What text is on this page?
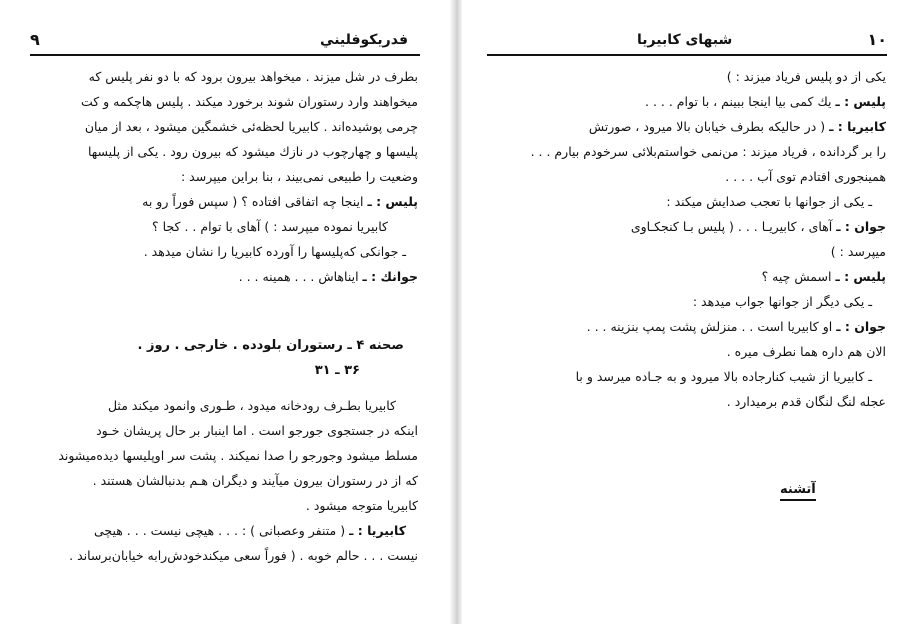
فدريكوفليني
۹
بطرف در شل میزند . میخواهد بیرون برود که با دو نفر پلیس که
میخواهند وارد رستوران شوند برخورد میکند . پلیس هاچکمه و کت
چرمی پوشیده‌اند . کابیریا لحظه‌ئی خشمگین میشود ، بعد از میان
پلیسها و چهارچوب در نازك میشود که بیرون رود . یکی از پلیسها
وضعیت را طبیعی نمی‌بیند ، بنا براین میپرسد :
پلیس : ـ اینجا چه اتفاقی افتاده ؟ ( سپس فوراً رو به
کابیریا نموده میپرسد : ) آهای با توام . . کجا ؟
ـ جوانکی که‌پلیسها را آورده کابیریا را نشان میدهد .
جوانك : ـ ایناهاش . . . همینه . . .
صحنه ۴ ـ رستوران بلودده . خارجی . روز .
۳۶ ـ ۳۱
کابیریا بطـرف رودخانه میدود ، طـوری وانمود میکند مثل
اینکه در جستجوی جورجو است . اما اینبار بر حال پریشان خـود
مسلط میشود وجورجو را صدا نمیکند . پشت سر اوپلیسها دیده‌میشوند
که از در رستوران بیرون میآیند و دیگران هـم بدنبالشان هستند .
کابیریا متوجه میشود .
کابیریا : ـ ( متنفر وعصبانی ) : . . . هیچی نیست . . . هیچی
نیست . . . حالم خوبه . ( فوراً سعی میکندخودش‌رابه خیابان‌برساند .
شبهای کابیریا	۱۰
یکی از دو پلیس فریاد میزند : )
پلیس : ـ یك کمی بیا اینجا ببینم ، با توام . . . .
کابیریا : ـ ( در حالیکه بطرف خیابان بالا میرود ، صورتش
را بر گردانده ، فریاد میزند : من‌نمی خواستم‌بلائی سرخودم بیارم . . .
همینجوری افتادم توی آب . . . .
ـ یکی از جوانها با تعجب صدایش میکند :
جوان : ـ آهای ، کابیریـا . . . ( پلیس بـا کنجکـاوی
میپرسد : )
پلیس : ـ اسمش چیه ؟
ـ یکی دیگر از جوانها جواب میدهد :
جوان : ـ او کابیریا است . . منزلش پشت پمپ بنزینه . . .
الان هم داره هما نطرف میره .
ـ کابیریا از شیب کنارجاده بالا میرود و به جـاده میرسد و با
عجله لنگ لنگان قدم برمیدارد .
آتشنه
